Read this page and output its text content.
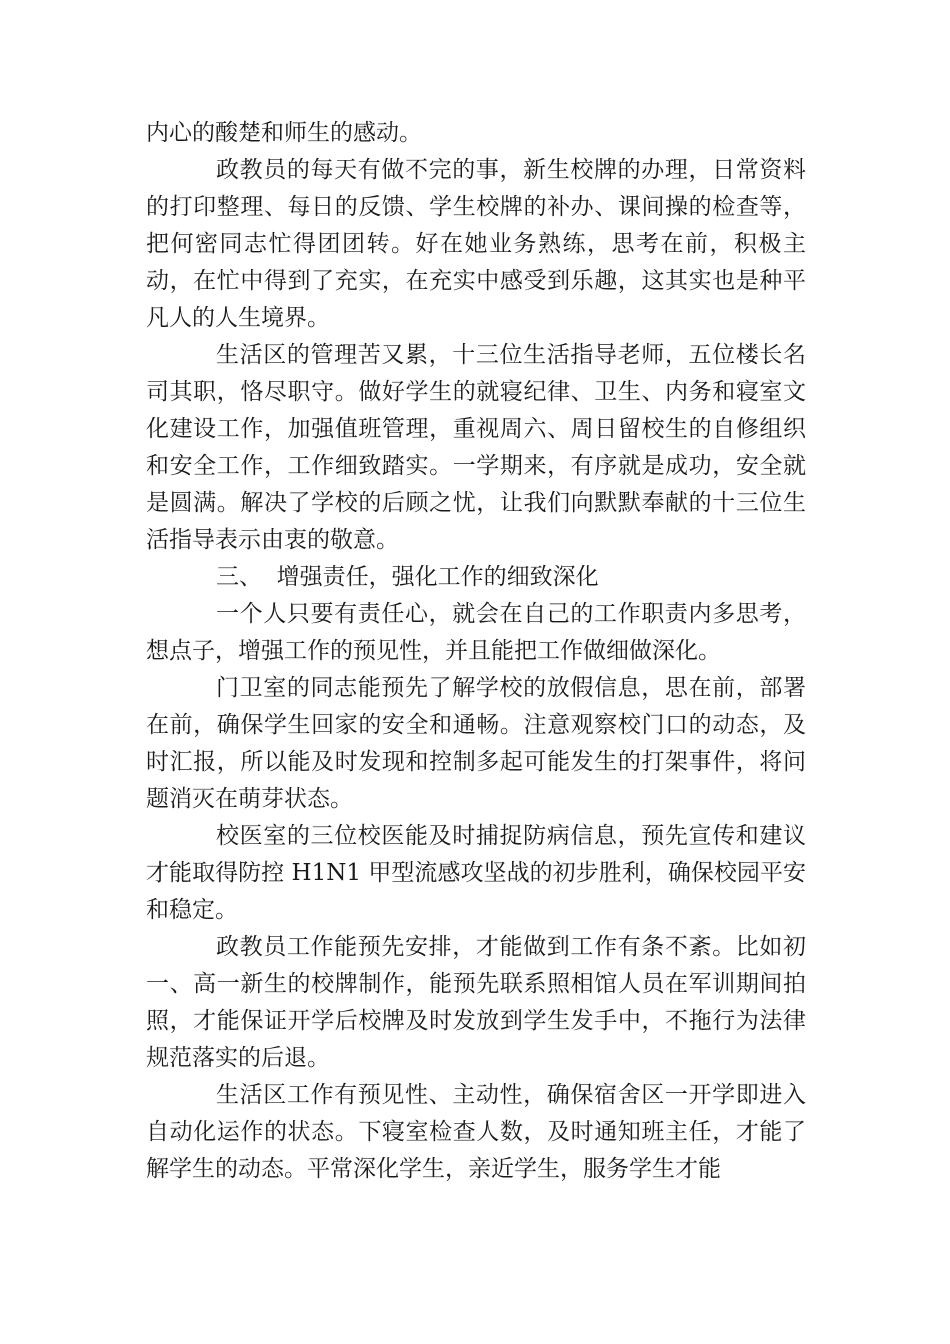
内心的酸楚和师生的感动。

政教员的每天有做不完的事，新生校牌的办理，日常资料的打印整理、每日的反馈、学生校牌的补办、课间操的检查等，把何密同志忙得团团转。好在她业务熟练，思考在前，积极主动，在忙中得到了充实，在充实中感受到乐趣，这其实也是种平凡人的人生境界。

生活区的管理苦又累，十三位生活指导老师，五位楼长名司其职，恪尽职守。做好学生的就寝纪律、卫生、内务和寝室文化建设工作，加强值班管理，重视周六、周日留校生的自修组织和安全工作，工作细致踏实。一学期来，有序就是成功，安全就是圆满。解决了学校的后顾之忧，让我们向默默奉献的十三位生活指导表示由衷的敬意。

三、  增强责任，强化工作的细致深化

一个人只要有责任心，就会在自己的工作职责内多思考，想点子，增强工作的预见性，并且能把工作做细做深化。

门卫室的同志能预先了解学校的放假信息，思在前，部署在前，确保学生回家的安全和通畅。注意观察校门口的动态，及时汇报，所以能及时发现和控制多起可能发生的打架事件，将问题消灭在萌芽状态。

校医室的三位校医能及时捕捉防病信息，预先宣传和建议才能取得防控 H1N1 甲型流感攻坚战的初步胜利，确保校园平安和稳定。

政教员工作能预先安排，才能做到工作有条不紊。比如初一、高一新生的校牌制作，能预先联系照相馆人员在军训期间拍照，才能保证开学后校牌及时发放到学生发手中，不拖行为法律规范落实的后退。

生活区工作有预见性、主动性，确保宿舍区一开学即进入自动化运作的状态。下寝室检查人数，及时通知班主任，才能了解学生的动态。平常深化学生，亲近学生，服务学生才能
